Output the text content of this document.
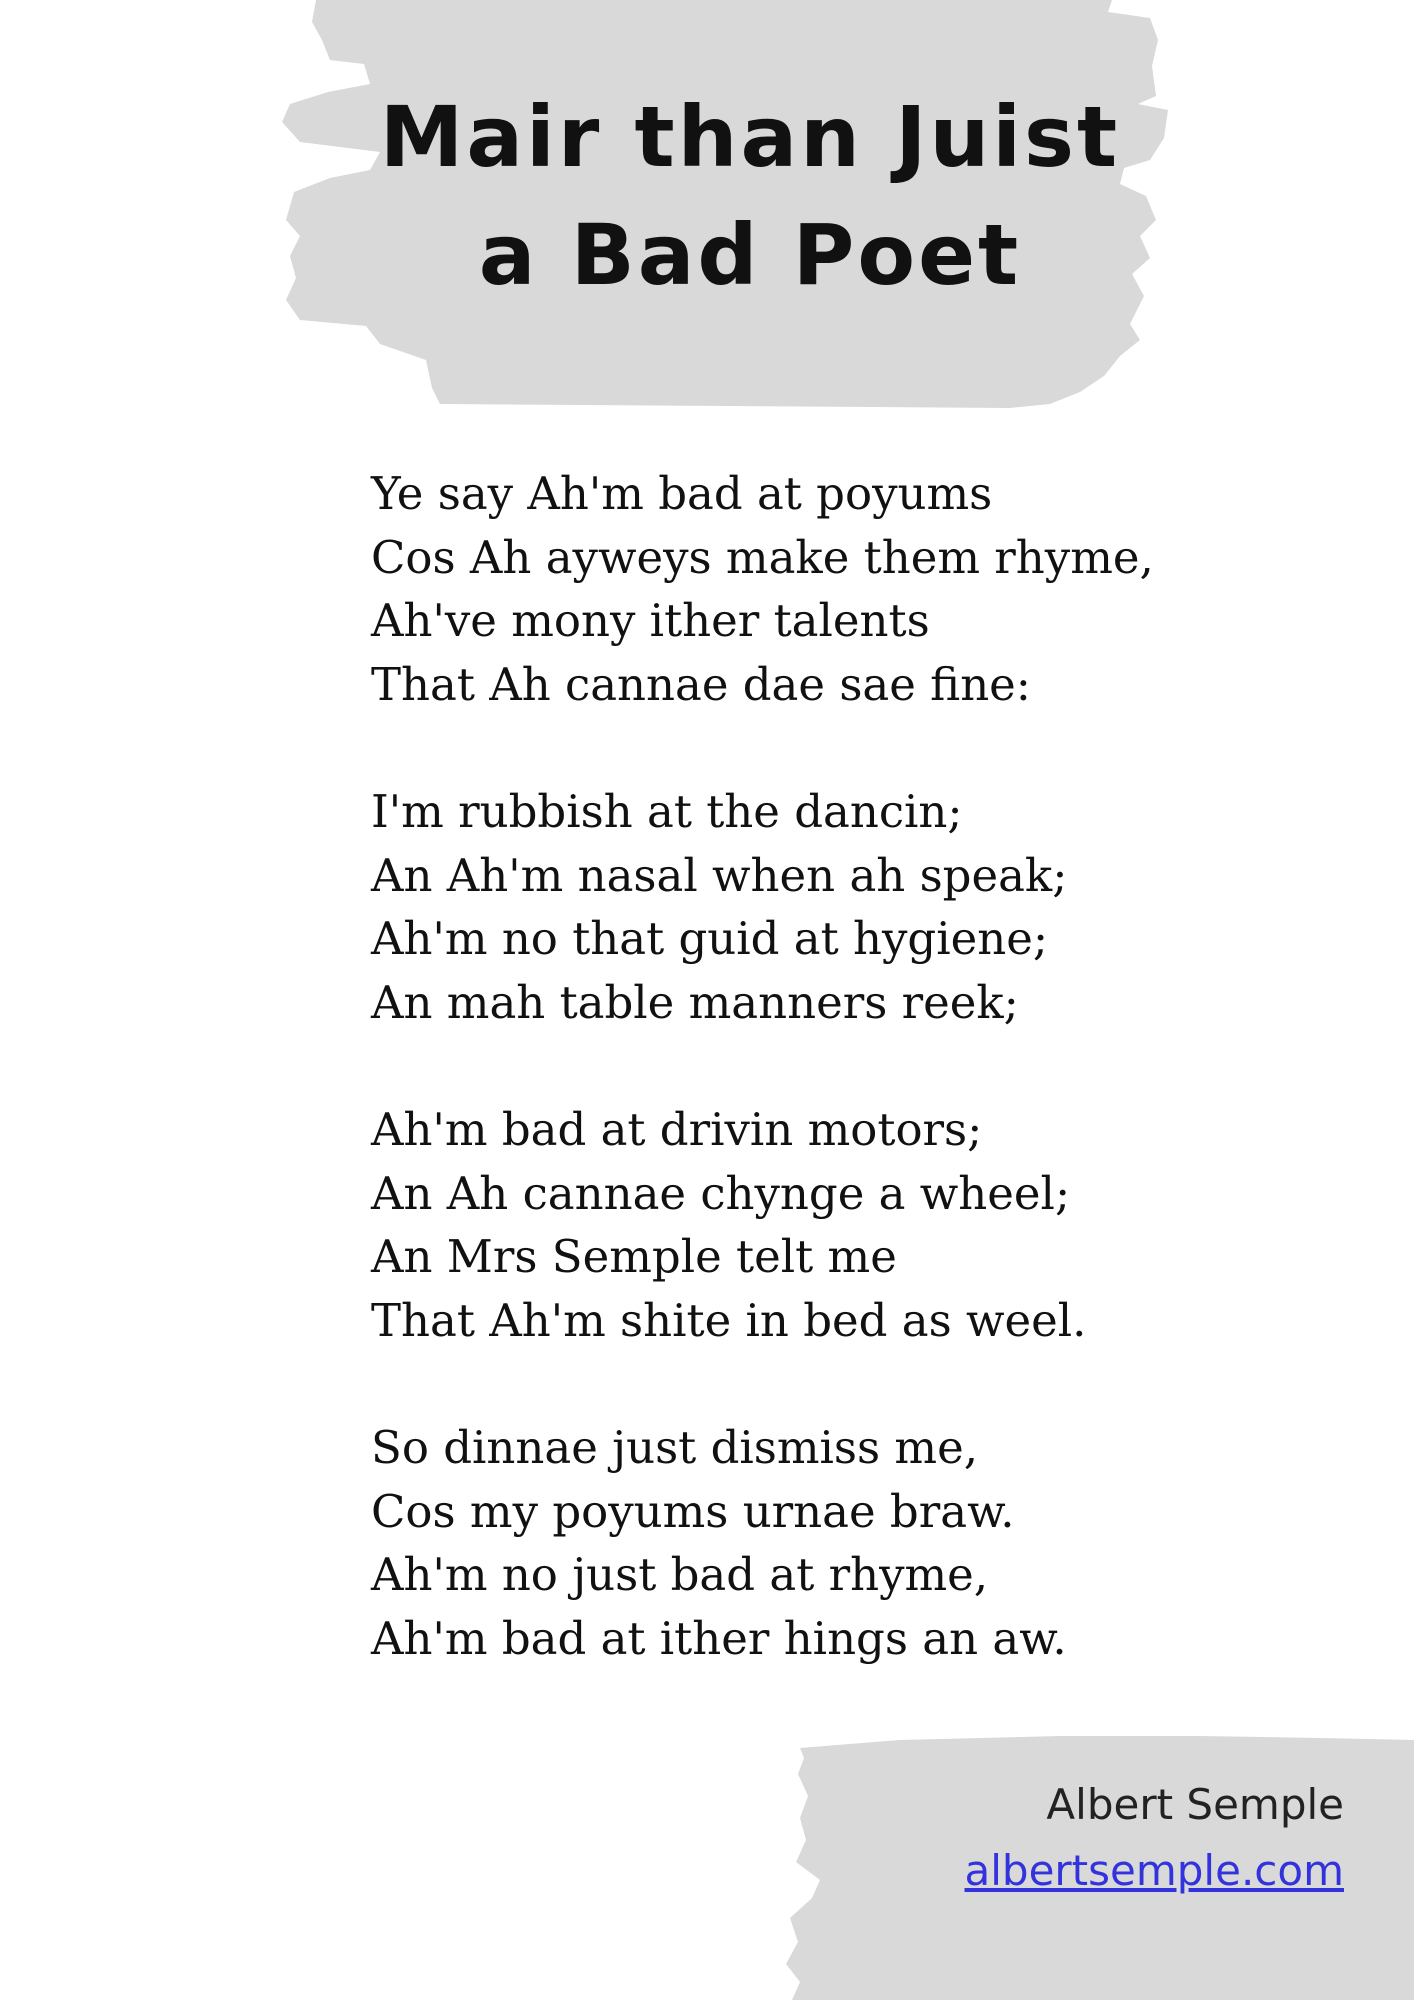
Mair than Juist
a Bad Poet
Ye say Ah'm bad at poyums
Cos Ah ayweys make them rhyme,
Ah've mony ither talents
That Ah cannae dae sae fine:
I'm rubbish at the dancin;
An Ah'm nasal when ah speak;
Ah'm no that guid at hygiene;
An mah table manners reek;
Ah'm bad at drivin motors;
An Ah cannae chynge a wheel;
An Mrs Semple telt me
That Ah'm shite in bed as weel.
So dinnae just dismiss me,
Cos my poyums urnae braw.
Ah'm no just bad at rhyme,
Ah'm bad at ither hings an aw.
Albert Semple
albertsemple.com
